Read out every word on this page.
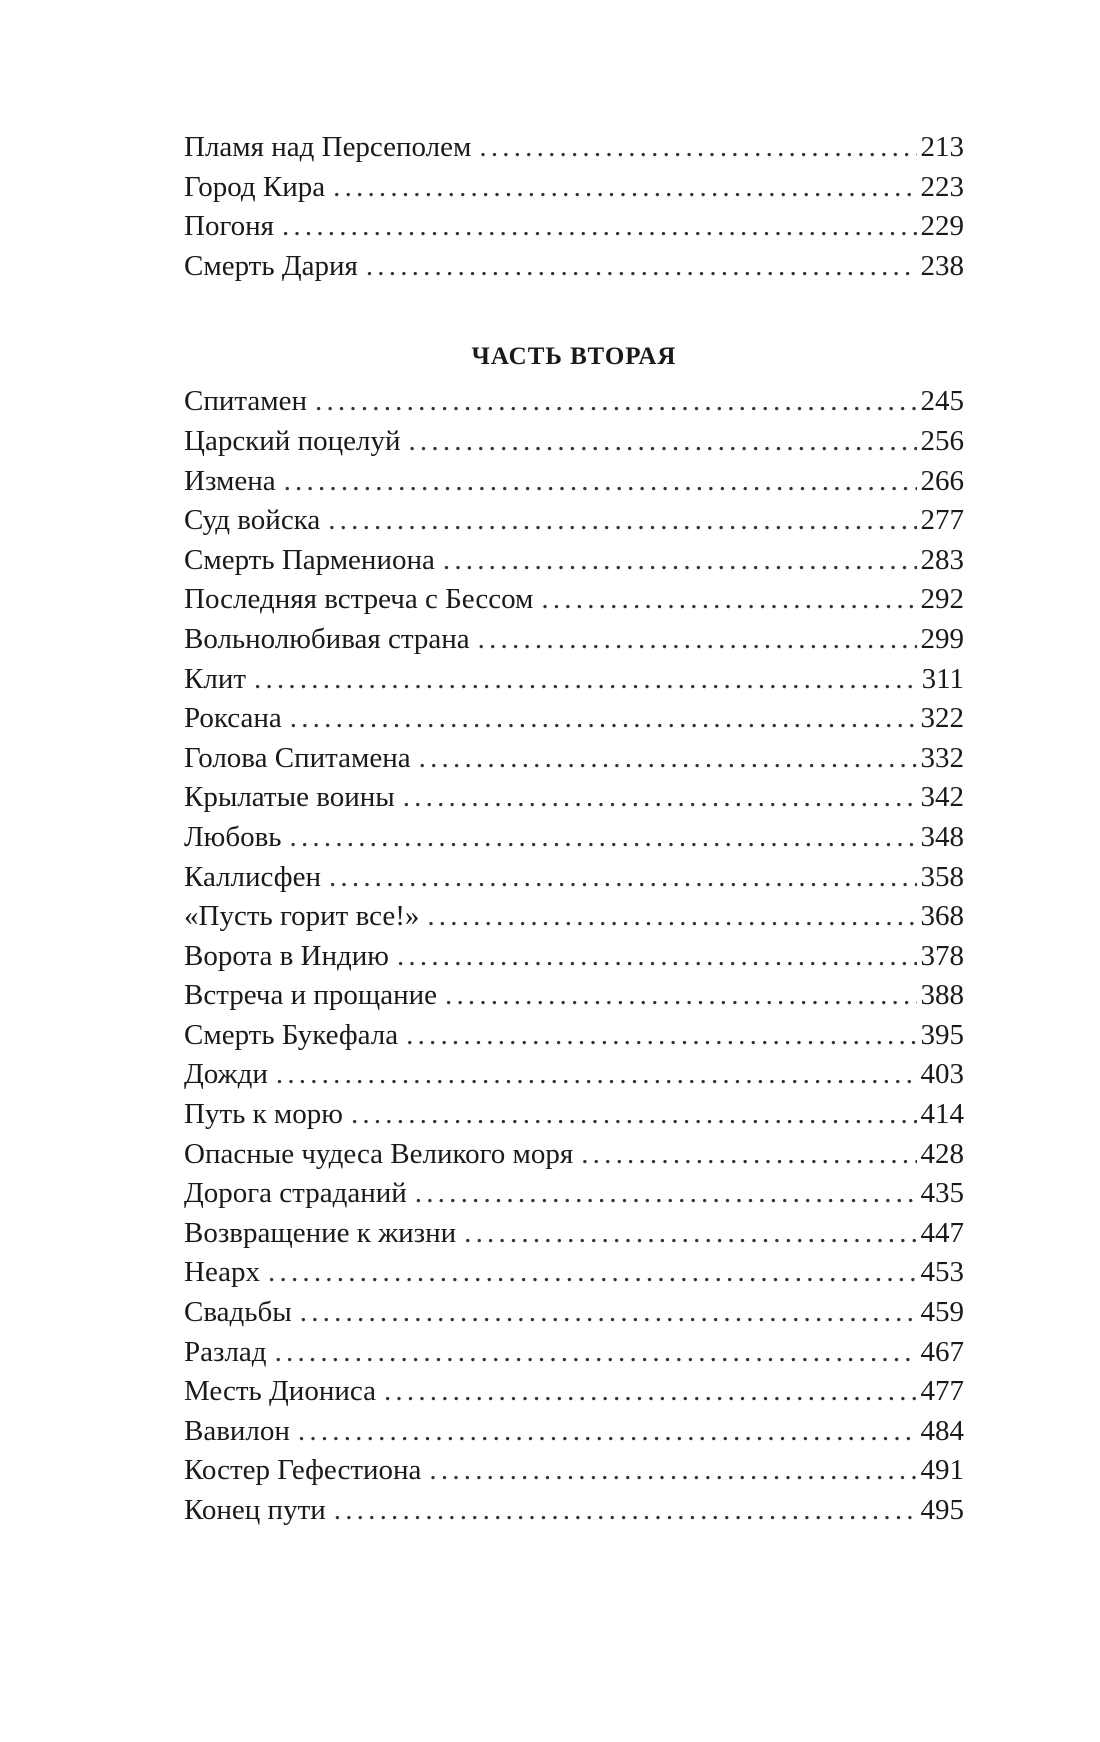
Пламя над Персеполем .....	213
Город Кира .....	223
Погоня .....	229
Смерть Дария .....	238
ЧАСТЬ ВТОРАЯ
Спитамен .....	245
Царский поцелуй .....	256
Измена .....	266
Суд войска .....	277
Смерть Пармениона .....	283
Последняя встреча с Бессом .....	292
Вольнолюбивая страна .....	299
Клит .....	311
Роксана .....	322
Голова Спитамена .....	332
Крылатые воины .....	342
Любовь .....	348
Каллисфен .....	358
«Пусть горит все!» .....	368
Ворота в Индию .....	378
Встреча и прощание .....	388
Смерть Букефала .....	395
Дожди .....	403
Путь к морю .....	414
Опасные чудеса Великого моря .....	428
Дорога страданий .....	435
Возвращение к жизни .....	447
Неарх .....	453
Свадьбы .....	459
Разлад .....	467
Месть Диониса .....	477
Вавилон .....	484
Костер Гефестиона .....	491
Конец пути .....	495
